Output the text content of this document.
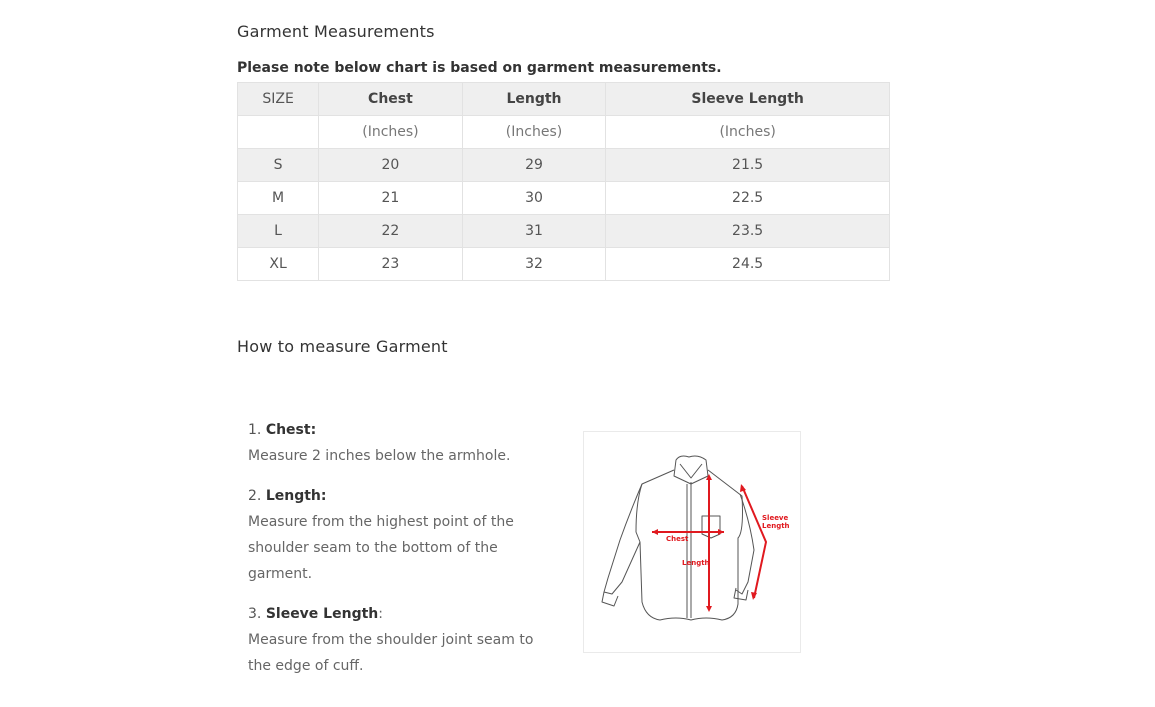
Garment Measurements
Please note below chart is based on garment measurements.
SIZE	Chest	Length	Sleeve Length
	(Inches)	(Inches)	(Inches)
S	20	29	21.5
M	21	30	22.5
L	22	31	23.5
XL	23	32	24.5
How to measure Garment

1. Chest:
Measure 2 inches below the armhole.

2. Length:
Measure from the highest point of the shoulder seam to the bottom of the garment.

3. Sleeve Length:
Measure from the shoulder joint seam to the edge of cuff.

Chest
Length
Sleeve
Length
